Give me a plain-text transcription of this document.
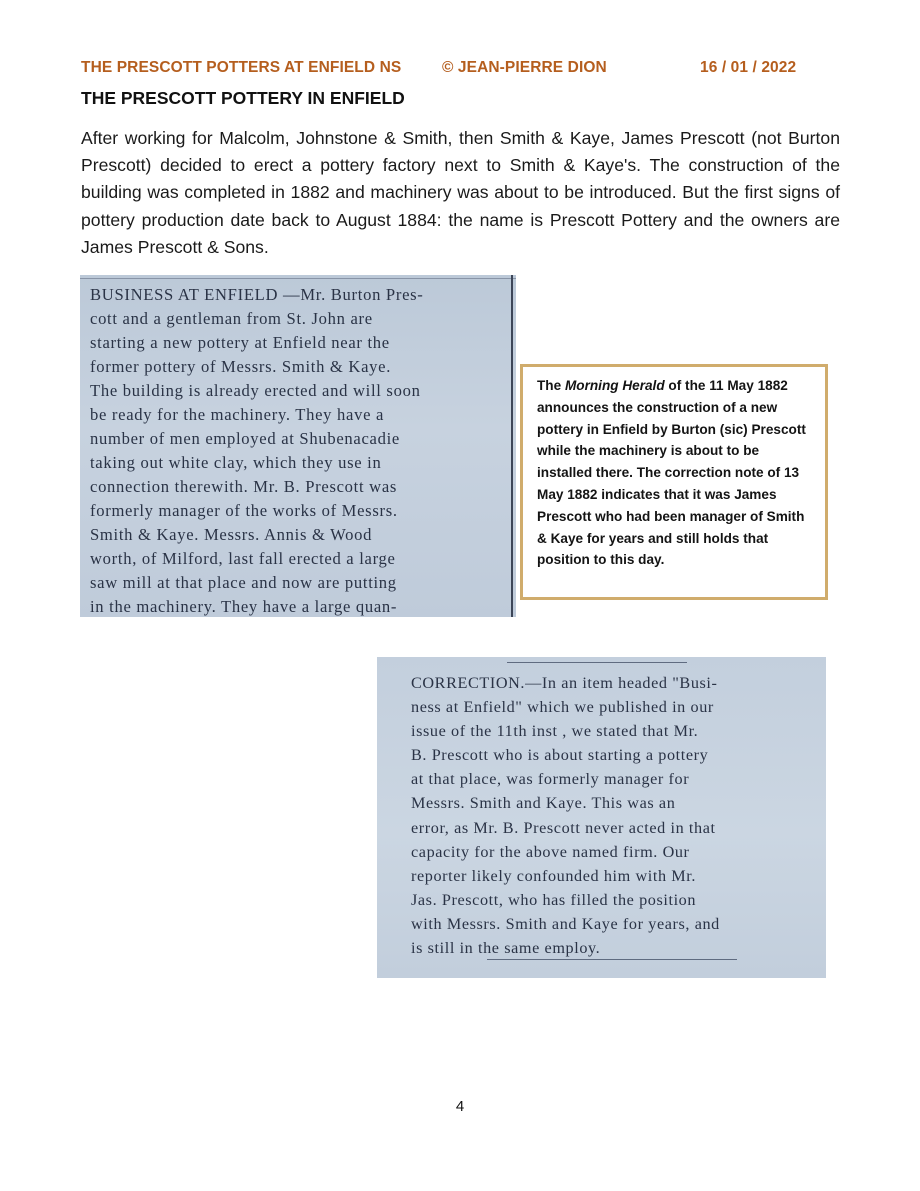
THE PRESCOTT POTTERS AT ENFIELD NS	© JEAN-PIERRE DION	16 / 01 / 2022
THE PRESCOTT POTTERY IN ENFIELD

After working for Malcolm, Johnstone & Smith, then Smith & Kaye, James Prescott (not Burton Prescott) decided to erect a pottery factory next to Smith & Kaye's. The construction of the building was completed in 1882 and machinery was about to be introduced. But the first signs of pottery production date back to August 1884: the name is Prescott Pottery and the owners are James Prescott & Sons.

BUSINESS AT ENFIELD —Mr. Burton Pres-
cott and a gentleman from St. John are
starting a new pottery at Enfield near the
former pottery of Messrs. Smith & Kaye.
The building is already erected and will soon
be ready for the machinery. They have a
number of men employed at Shubenacadie
taking out white clay, which they use in
connection therewith. Mr. B. Prescott was
formerly manager of the works of Messrs.
Smith & Kaye. Messrs. Annis & Wood
worth, of Milford, last fall erected a large
saw mill at that place and now are putting
in the machinery. They have a large quan-

The Morning Herald of the 11 May 1882 announces the construction of a new pottery in Enfield by Burton (sic) Prescott while the machinery is about to be installed there. The correction note of 13 May 1882 indicates that it was James Prescott who had been manager of Smith & Kaye for years and still holds that position to this day.

CORRECTION.—In an item headed "Busi-
ness at Enfield" which we published in our
issue of the 11th inst , we stated that Mr.
B. Prescott who is about starting a pottery
at that place, was formerly manager for
Messrs. Smith and Kaye. This was an
error, as Mr. B. Prescott never acted in that
capacity for the above named firm. Our
reporter likely confounded him with Mr.
Jas. Prescott, who has filled the position
with Messrs. Smith and Kaye for years, and
is still in the same employ.
4
